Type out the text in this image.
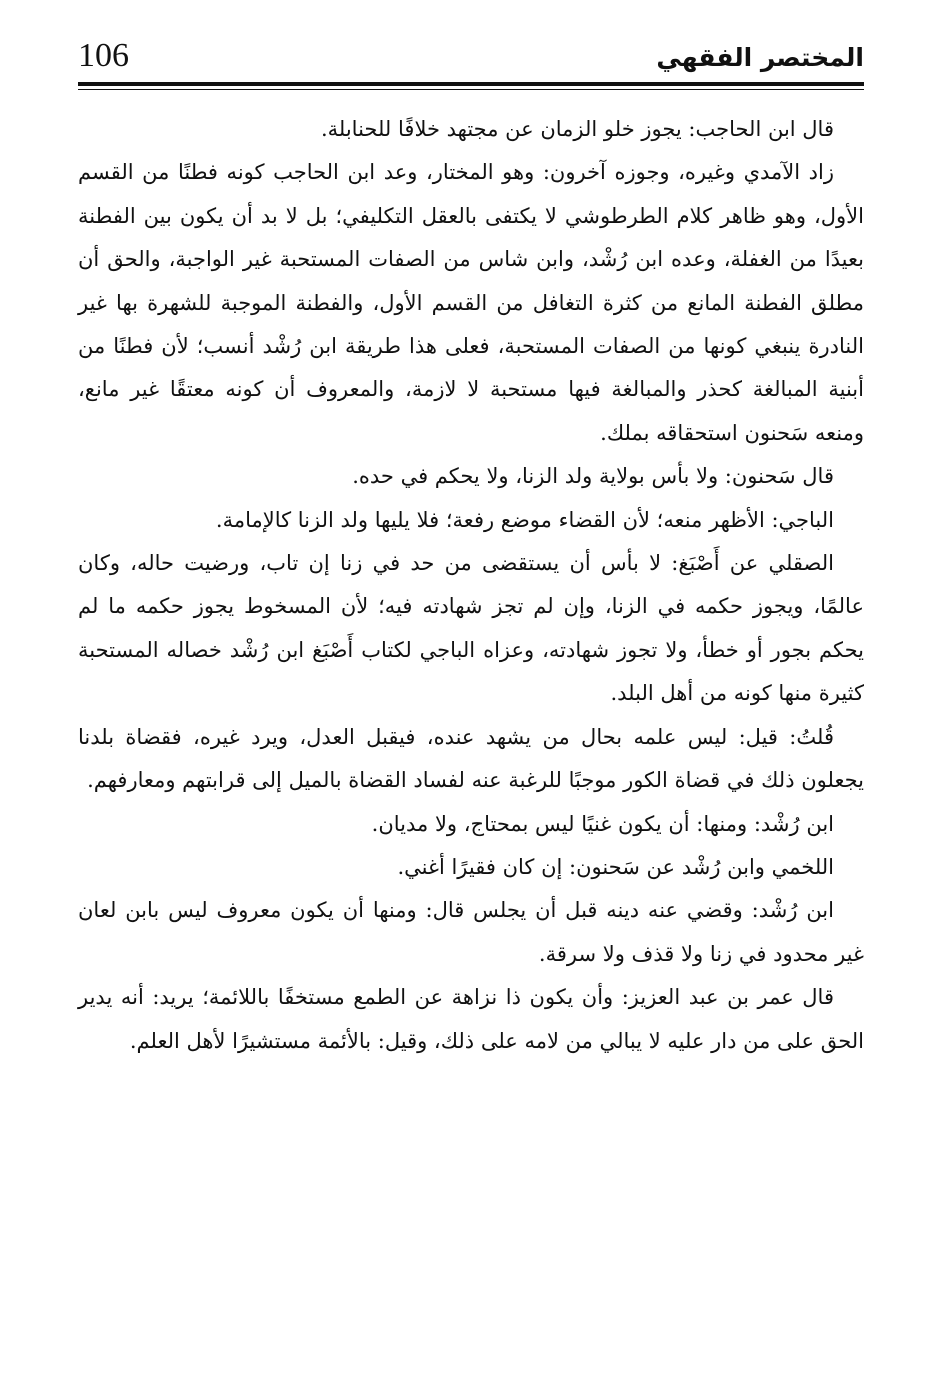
106	المختصر الفقهي

قال ابن الحاجب: يجوز خلو الزمان عن مجتهد خلافًا للحنابلة.

زاد الآمدي وغيره، وجوزه آخرون: وهو المختار، وعد ابن الحاجب كونه فطنًا من القسم الأول، وهو ظاهر كلام الطرطوشي لا يكتفى بالعقل التكليفي؛ بل لا بد أن يكون بين الفطنة بعيدًا من الغفلة، وعده ابن رُشْد، وابن شاس من الصفات المستحبة غير الواجبة، والحق أن مطلق الفطنة المانع من كثرة التغافل من القسم الأول، والفطنة الموجبة للشهرة بها غير النادرة ينبغي كونها من الصفات المستحبة، فعلى هذا طريقة ابن رُشْد أنسب؛ لأن فطنًا من أبنية المبالغة كحذر والمبالغة فيها مستحبة لا لازمة، والمعروف أن كونه معتقًا غير مانع، ومنعه سَحنون استحقاقه بملك.

قال سَحنون: ولا بأس بولاية ولد الزنا، ولا يحكم في حده.

الباجي: الأظهر منعه؛ لأن القضاء موضع رفعة؛ فلا يليها ولد الزنا كالإمامة.

الصقلي عن أَصْبَغ: لا بأس أن يستقضى من حد في زنا إن تاب، ورضيت حاله، وكان عالمًا، ويجوز حكمه في الزنا، وإن لم تجز شهادته فيه؛ لأن المسخوط يجوز حكمه ما لم يحكم بجور أو خطأ، ولا تجوز شهادته، وعزاه الباجي لكتاب أَصْبَغ ابن رُشْد خصاله المستحبة كثيرة منها كونه من أهل البلد.

قُلتُ: قيل: ليس علمه بحال من يشهد عنده، فيقبل العدل، ويرد غيره، فقضاة بلدنا يجعلون ذلك في قضاة الكور موجبًا للرغبة عنه لفساد القضاة بالميل إلى قرابتهم ومعارفهم.

ابن رُشْد: ومنها: أن يكون غنيًا ليس بمحتاج، ولا مديان.

اللخمي وابن رُشْد عن سَحنون: إن كان فقيرًا أغني.

ابن رُشْد: وقضي عنه دينه قبل أن يجلس قال: ومنها أن يكون معروف ليس بابن لعان غير محدود في زنا ولا قذف ولا سرقة.

قال عمر بن عبد العزيز: وأن يكون ذا نزاهة عن الطمع مستخفًا باللائمة؛ يريد: أنه يدير الحق على من دار عليه لا يبالي من لامه على ذلك، وقيل: بالأئمة مستشيرًا لأهل العلم.
